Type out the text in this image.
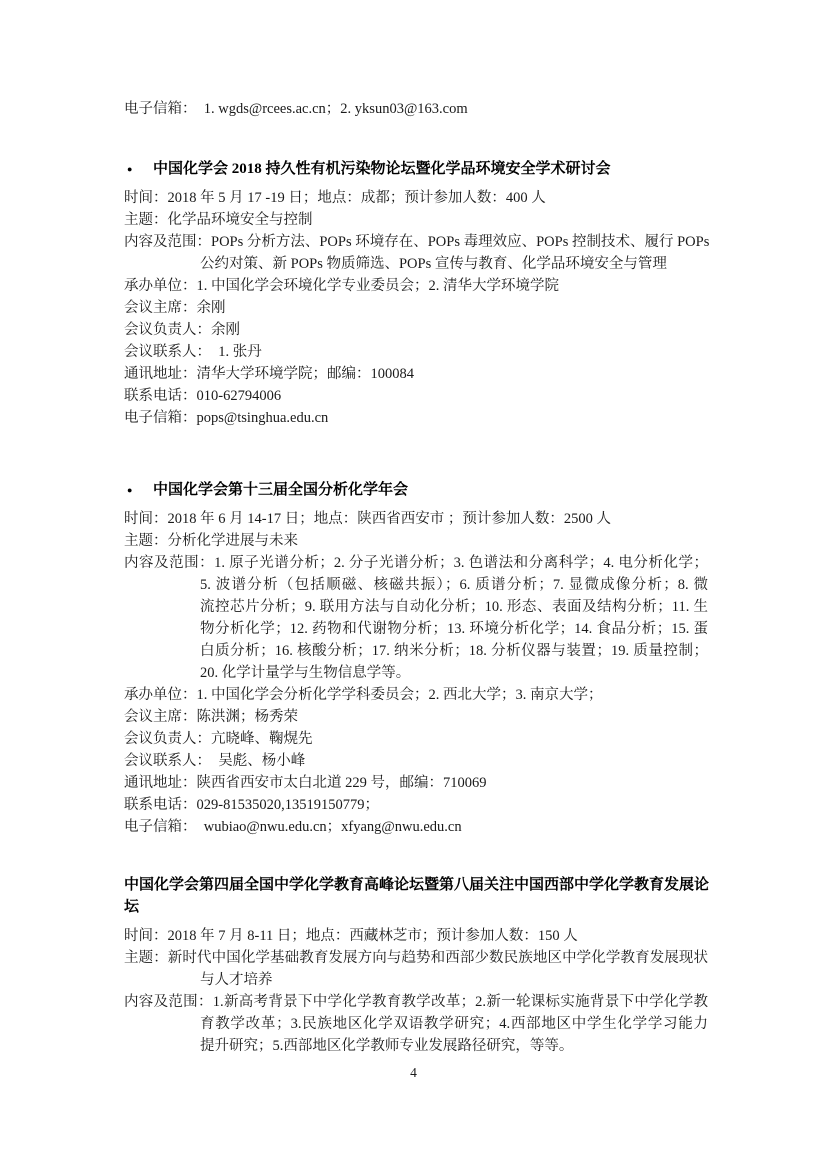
电子信箱：　1. wgds@rcees.ac.cn；2. yksun03@163.com
● 中国化学会 2018 持久性有机污染物论坛暨化学品环境安全学术研讨会
时间：2018 年 5 月 17 -19 日；地点：成都；预计参加人数：400 人
主题：化学品环境安全与控制
内容及范围：POPs 分析方法、POPs 环境存在、POPs 毒理效应、POPs 控制技术、履行 POPs
公约对策、新 POPs 物质筛选、POPs 宣传与教育、化学品环境安全与管理
承办单位：1. 中国化学会环境化学专业委员会；2. 清华大学环境学院
会议主席：余刚
会议负责人：余刚
会议联系人：　1. 张丹
通讯地址：清华大学环境学院；邮编：100084
联系电话：010-62794006
电子信箱：pops@tsinghua.edu.cn
● 中国化学会第十三届全国分析化学年会
时间：2018 年 6 月 14-17 日；地点：陕西省西安市 ；预计参加人数：2500 人
主题：分析化学进展与未来
内容及范围：1. 原子光谱分析；2. 分子光谱分析；3. 色谱法和分离科学；4. 电分析化学；
5. 波谱分析（包括顺磁、核磁共振）；6. 质谱分析；7. 显微成像分析；8. 微
流控芯片分析；9. 联用方法与自动化分析；10. 形态、表面及结构分析；11. 生
物分析化学；12. 药物和代谢物分析；13. 环境分析化学；14. 食品分析；15. 蛋
白质分析；16. 核酸分析；17. 纳米分析；18. 分析仪器与装置；19. 质量控制；
20. 化学计量学与生物信息学等。
承办单位：1. 中国化学会分析化学学科委员会；2. 西北大学；3. 南京大学；
会议主席：陈洪渊；杨秀荣
会议负责人：亢晓峰、鞠熀先
会议联系人：　吴彪、杨小峰
通讯地址：陕西省西安市太白北道 229 号，邮编：710069
联系电话：029-81535020,13519150779；
电子信箱：　wubiao@nwu.edu.cn；xfyang@nwu.edu.cn
中国化学会第四届全国中学化学教育高峰论坛暨第八届关注中国西部中学化学教育发展论
坛
时间：2018 年 7 月 8-11 日；地点：西藏林芝市；预计参加人数：150 人
主题：新时代中国化学基础教育发展方向与趋势和西部少数民族地区中学化学教育发展现状
与人才培养
内容及范围：1.新高考背景下中学化学教育教学改革；2.新一轮课标实施背景下中学化学教
育教学改革；3.民族地区化学双语教学研究；4.西部地区中学生化学学习能力
提升研究；5.西部地区化学教师专业发展路径研究，等等。
4
